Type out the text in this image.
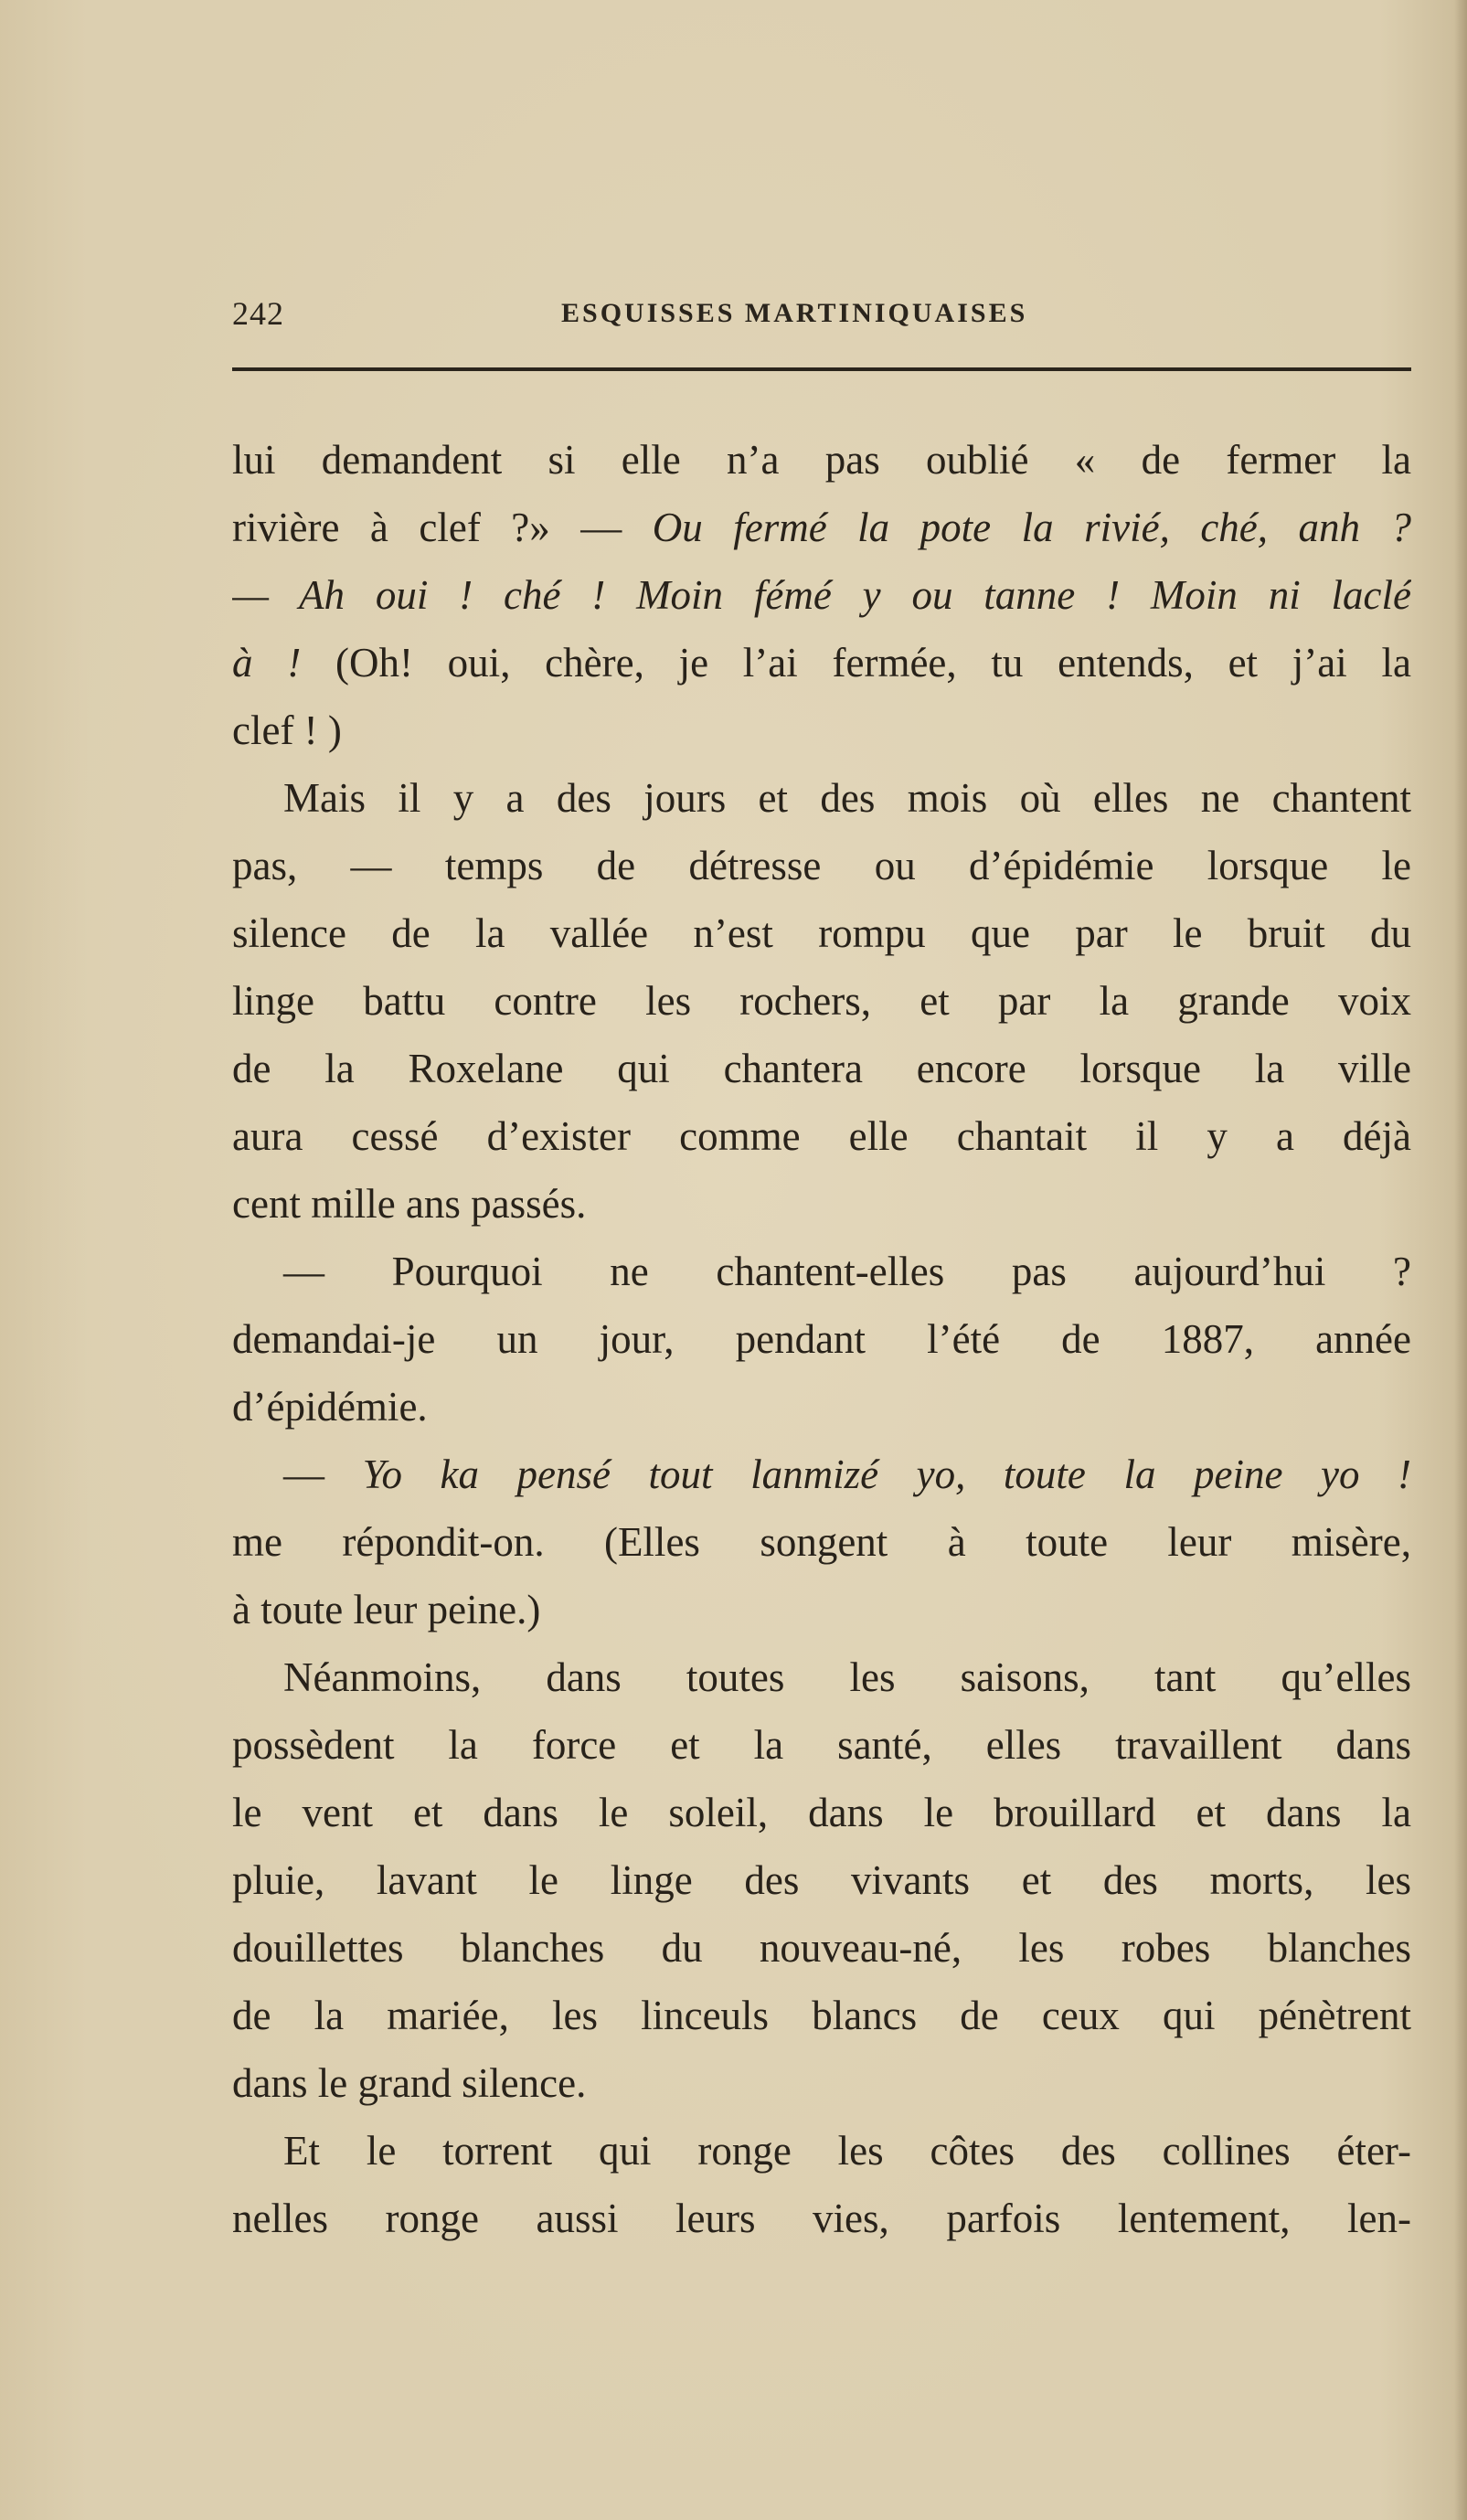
242	ESQUISSES MARTINIQUAISES
lui demandent si elle n’a pas oublié « de fermer la
rivière à clef ?» — Ou fermé la pote la rivié, ché, anh ?
— Ah oui ! ché ! Moin fémé y ou tanne ! Moin ni laclé
à ! (Oh! oui, chère, je l’ai fermée, tu entends, et j’ai la
clef ! )
Mais il y a des jours et des mois où elles ne chantent
pas, — temps de détresse ou d’épidémie lorsque le
silence de la vallée n’est rompu que par le bruit du
linge battu contre les rochers, et par la grande voix
de la Roxelane qui chantera encore lorsque la ville
aura cessé d’exister comme elle chantait il y a déjà
cent mille ans passés.
— Pourquoi ne chantent-elles pas aujourd’hui ?
demandai-je un jour, pendant l’été de 1887, année
d’épidémie.
— Yo ka pensé tout lanmizé yo, toute la peine yo !
me répondit-on. (Elles songent à toute leur misère,
à toute leur peine.)
Néanmoins, dans toutes les saisons, tant qu’elles
possèdent la force et la santé, elles travaillent dans
le vent et dans le soleil, dans le brouillard et dans la
pluie, lavant le linge des vivants et des morts, les
douillettes blanches du nouveau-né, les robes blanches
de la mariée, les linceuls blancs de ceux qui pénètrent
dans le grand silence.
Et le torrent qui ronge les côtes des collines éter-
nelles ronge aussi leurs vies, parfois lentement, len-
